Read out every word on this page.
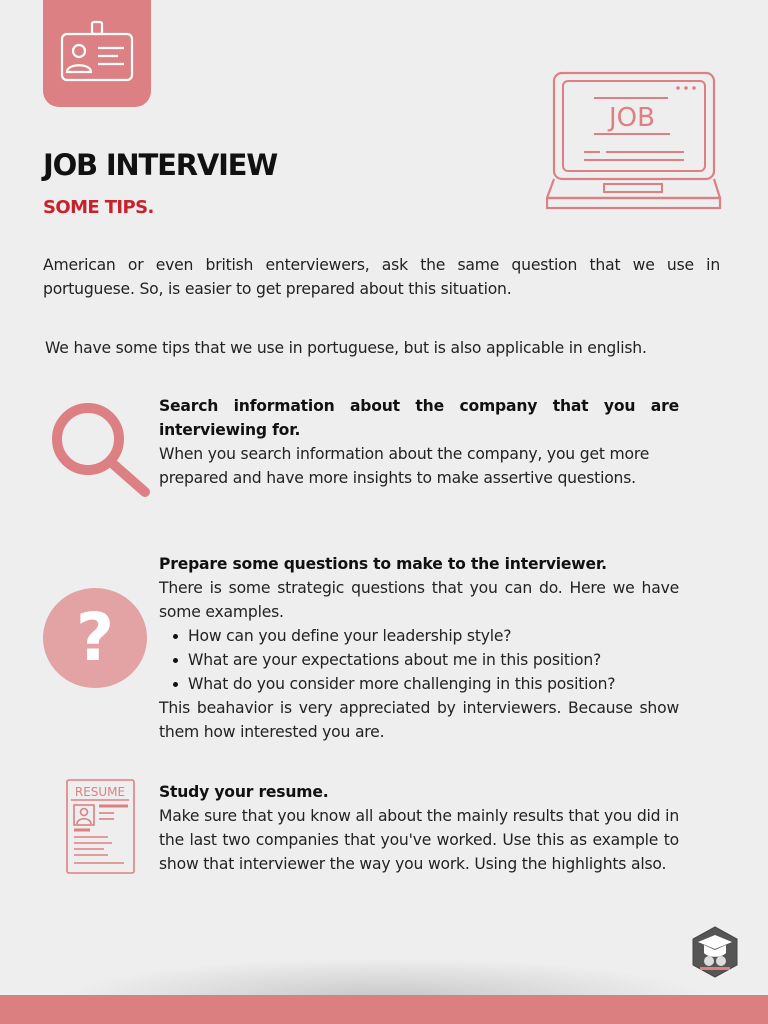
JOB
JOB INTERVIEW
SOME TIPS.

American or even british enterviewers, ask the same question that we use in portuguese. So, is easier to get prepared about this situation.

We have some tips that we use in portuguese, but is also applicable in english.

Search information about the company that you are interviewing for.
When you search information about the company, you get more prepared and have more insights to make assertive questions.
?
Prepare some questions to make to the interviewer.
There is some strategic questions that you can do. Here we have some examples.
How can you define your leadership style?
What are your expectations about me in this position?
What do you consider more challenging in this position?
This beahavior is very appreciated by interviewers. Because show them how interested you are.
RESUME Study your resume.
Make sure that you know all about the mainly results that you did in the last two companies that you've worked. Use this as example to show that interviewer the way you work. Using the highlights also.
